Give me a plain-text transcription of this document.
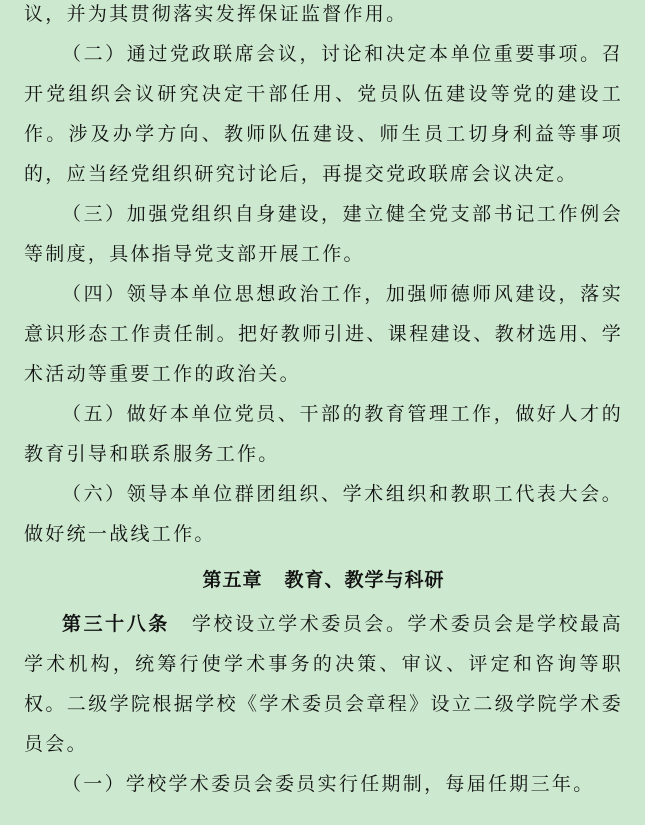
议，并为其贯彻落实发挥保证监督作用。

（二）通过党政联席会议，讨论和决定本单位重要事项。召开党组织会议研究决定干部任用、党员队伍建设等党的建设工作。涉及办学方向、教师队伍建设、师生员工切身利益等事项的，应当经党组织研究讨论后，再提交党政联席会议决定。

（三）加强党组织自身建设，建立健全党支部书记工作例会等制度，具体指导党支部开展工作。

（四）领导本单位思想政治工作，加强师德师风建设，落实意识形态工作责任制。把好教师引进、课程建设、教材选用、学术活动等重要工作的政治关。

（五）做好本单位党员、干部的教育管理工作，做好人才的教育引导和联系服务工作。

（六）领导本单位群团组织、学术组织和教职工代表大会。做好统一战线工作。

第五章 教育、教学与科研

第三十八条 学校设立学术委员会。学术委员会是学校最高学术机构，统筹行使学术事务的决策、审议、评定和咨询等职权。二级学院根据学校《学术委员会章程》设立二级学院学术委员会。

（一）学校学术委员会委员实行任期制，每届任期三年。
